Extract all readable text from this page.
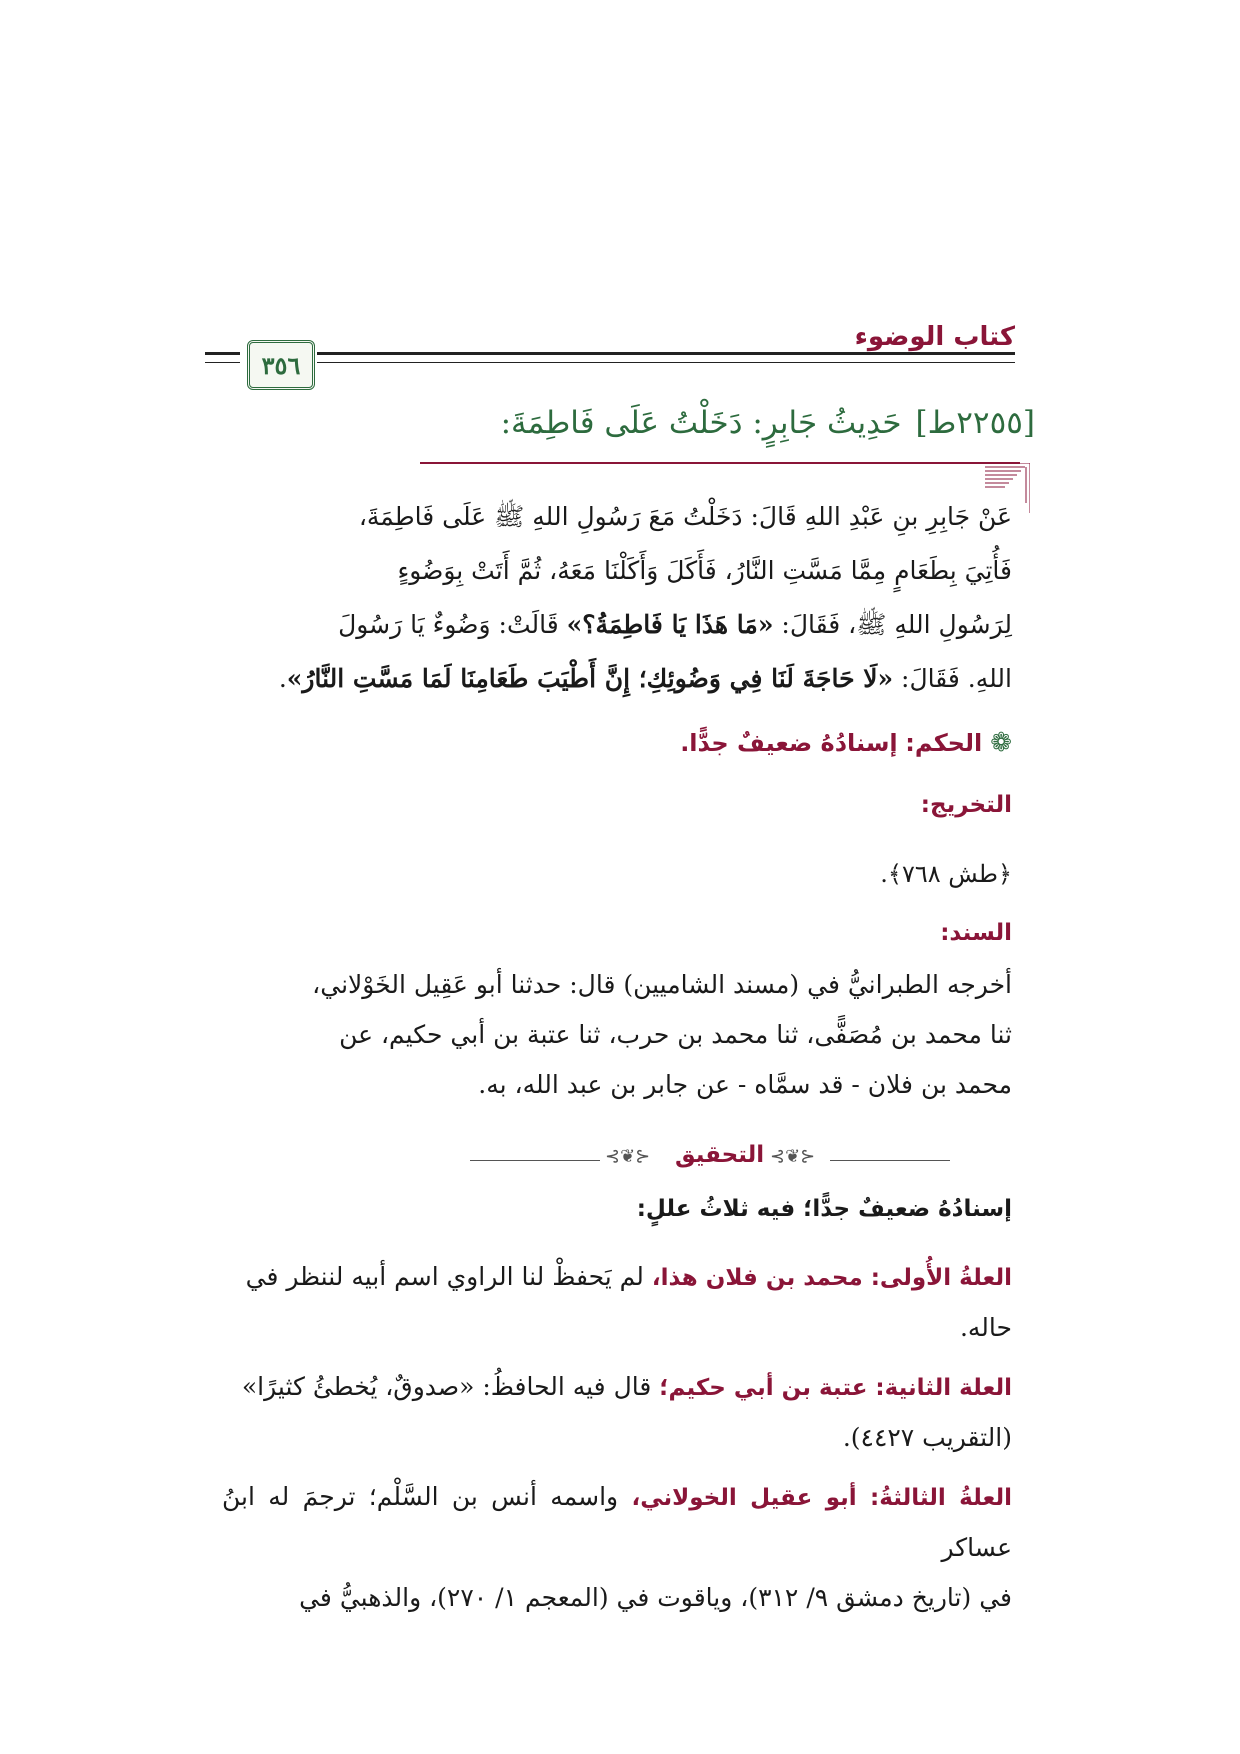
كتاب الوضوء
٣٥٦
[٢٢٥٥ط]حَدِيثُ جَابِرٍ: دَخَلْتُ عَلَى فَاطِمَةَ:

عَنْ جَابِرِ بنِ عَبْدِ اللهِ قَالَ: دَخَلْتُ مَعَ رَسُولِ اللهِ ﷺ عَلَى فَاطِمَةَ،

فَأُتِيَ بِطَعَامٍ مِمَّا مَسَّتِ النَّارُ، فَأَكَلَ وَأَكَلْنَا مَعَهُ، ثُمَّ أَتَتْ بِوَضُوءٍ

لِرَسُولِ اللهِ ﷺ، فَقَالَ: «مَا هَذَا يَا فَاطِمَةُ؟» قَالَتْ: وَضُوءٌ يَا رَسُولَ

اللهِ. فَقَالَ: «لَا حَاجَةَ لَنَا فِي وَضُوئِكِ؛ إِنَّ أَطْيَبَ طَعَامِنَا لَمَا مَسَّتِ النَّارُ».

❁الحكم: إسنادُهُ ضعيفٌ جدًّا.
التخريج:
﴿طش ٧٦٨﴾.
السند:

أخرجه الطبرانيُّ في (مسند الشاميين) قال: حدثنا أبو عَقِيل الخَوْلاني،

ثنا محمد بن مُصَفًّى، ثنا محمد بن حرب، ثنا عتبة بن أبي حكيم، عن

محمد بن فلان - قد سمَّاه - عن جابر بن عبد الله، به.

⊰❦⊱ التحقيق ⊰❦⊱
إسنادُهُ ضعيفٌ جدًّا؛ فيه ثلاثُ عللٍ:

العلةُ الأُولى: محمد بن فلان هذا، لم يَحفظْ لنا الراوي اسم أبيه لننظر في

حاله.

العلة الثانية: عتبة بن أبي حكيم؛ قال فيه الحافظُ: «صدوقٌ، يُخطئُ كثيرًا»

(التقريب ٤٤٢٧).

العلةُ الثالثةُ: أبو عقيل الخولاني، واسمه أنس بن السَّلْم؛ ترجمَ له ابنُ عساكر

في (تاريخ دمشق ٩/ ٣١٢)، وياقوت في (المعجم ١/ ٢٧٠)، والذهبيُّ في
